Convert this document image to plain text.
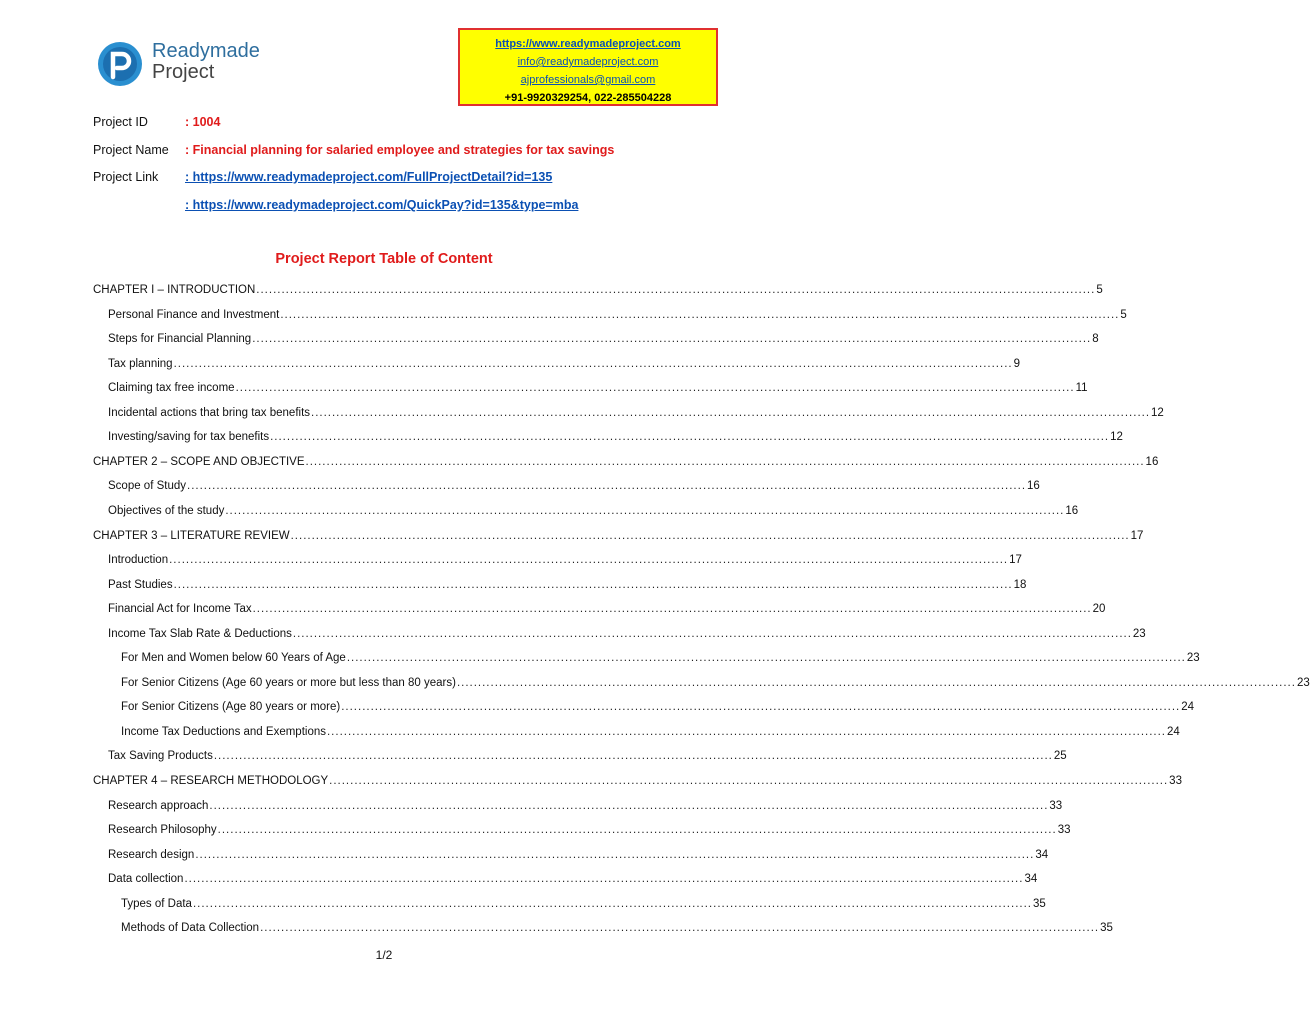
Readymade
Project
https://www.readymadeproject.com
info@readymadeproject.com
ajprofessionals@gmail.com
+91-9920329254, 022-285504228
Project ID	: 1004
Project Name : Financial planning for salaried employee and strategies for tax savings
Project Link : https://www.readymadeproject.com/FullProjectDetail?id=135
: https://www.readymadeproject.com/QuickPay?id=135&type=mba
Project Report Table of Content
CHAPTER I – INTRODUCTION ........................................................................................................................................................................................................ 5
Personal Finance and Investment ........................................................................................................................................................................................................ 5
Steps for Financial Planning ........................................................................................................................................................................................................ 8
Tax planning ........................................................................................................................................................................................................ 9
Claiming tax free income ........................................................................................................................................................................................................ 11
Incidental actions that bring tax benefits ........................................................................................................................................................................................................ 12
Investing/saving for tax benefits ........................................................................................................................................................................................................ 12
CHAPTER 2 – SCOPE AND OBJECTIVE ........................................................................................................................................................................................................ 16
Scope of Study ........................................................................................................................................................................................................ 16
Objectives of the study ........................................................................................................................................................................................................ 16
CHAPTER 3 – LITERATURE REVIEW ........................................................................................................................................................................................................ 17
Introduction ........................................................................................................................................................................................................ 17
Past Studies ........................................................................................................................................................................................................ 18
Financial Act for Income Tax ........................................................................................................................................................................................................ 20
Income Tax Slab Rate & Deductions ........................................................................................................................................................................................................ 23
For Men and Women below 60 Years of Age ........................................................................................................................................................................................................ 23
For Senior Citizens (Age 60 years or more but less than 80 years) ........................................................................................................................................................................................................ 23
For Senior Citizens (Age 80 years or more) ........................................................................................................................................................................................................ 24
Income Tax Deductions and Exemptions ........................................................................................................................................................................................................ 24
Tax Saving Products ........................................................................................................................................................................................................ 25
CHAPTER 4 – RESEARCH METHODOLOGY ........................................................................................................................................................................................................ 33
Research approach ........................................................................................................................................................................................................ 33
Research Philosophy ........................................................................................................................................................................................................ 33
Research design ........................................................................................................................................................................................................ 34
Data collection ........................................................................................................................................................................................................ 34
Types of Data ........................................................................................................................................................................................................ 35
Methods of Data Collection ........................................................................................................................................................................................................ 35
1/2
